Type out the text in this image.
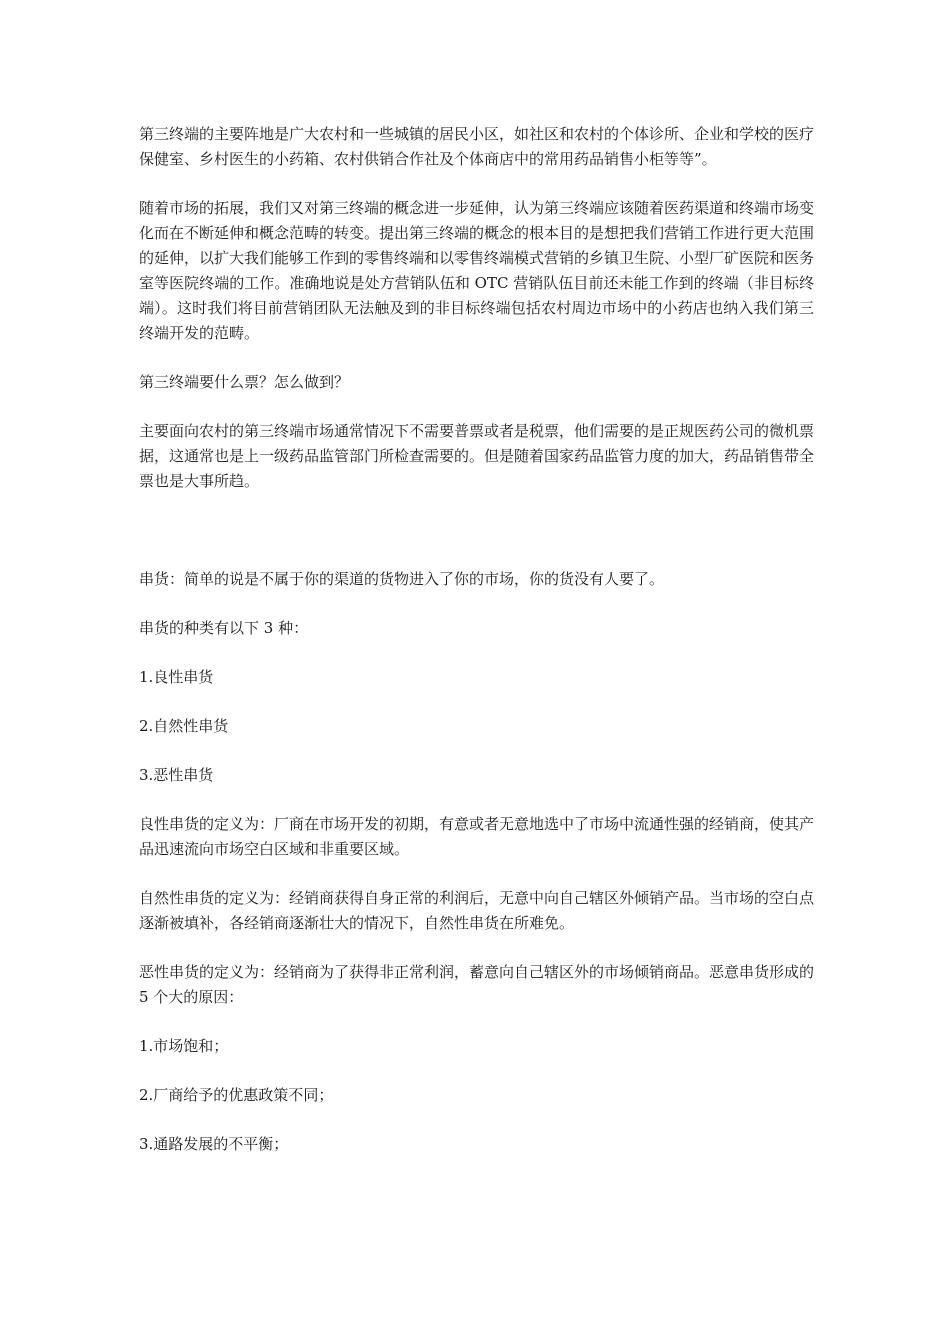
第三终端的主要阵地是广大农村和一些城镇的居民小区，如社区和农村的个体诊所、企业和学校的医疗保健室、乡村医生的小药箱、农村供销合作社及个体商店中的常用药品销售小柜等等”。

随着市场的拓展，我们又对第三终端的概念进一步延伸，认为第三终端应该随着医药渠道和终端市场变化而在不断延伸和概念范畴的转变。提出第三终端的概念的根本目的是想把我们营销工作进行更大范围的延伸，以扩大我们能够工作到的零售终端和以零售终端模式营销的乡镇卫生院、小型厂矿医院和医务室等医院终端的工作。准确地说是处方营销队伍和 OTC 营销队伍目前还未能工作到的终端（非目标终端）。这时我们将目前营销团队无法触及到的非目标终端包括农村周边市场中的小药店也纳入我们第三终端开发的范畴。

第三终端要什么票？怎么做到？

主要面向农村的第三终端市场通常情况下不需要普票或者是税票，他们需要的是正规医药公司的微机票据，这通常也是上一级药品监管部门所检查需要的。但是随着国家药品监管力度的加大，药品销售带全票也是大事所趋。

串货：简单的说是不属于你的渠道的货物进入了你的市场，你的货没有人要了。

串货的种类有以下 3 种：

1.良性串货

2.自然性串货

3.恶性串货

良性串货的定义为：厂商在市场开发的初期，有意或者无意地选中了市场中流通性强的经销商，使其产品迅速流向市场空白区域和非重要区域。

自然性串货的定义为：经销商获得自身正常的利润后，无意中向自己辖区外倾销产品。当市场的空白点逐渐被填补，各经销商逐渐壮大的情况下，自然性串货在所难免。

恶性串货的定义为：经销商为了获得非正常利润，蓄意向自己辖区外的市场倾销商品。恶意串货形成的 5 个大的原因：

1.市场饱和；

2.厂商给予的优惠政策不同；

3.通路发展的不平衡；
